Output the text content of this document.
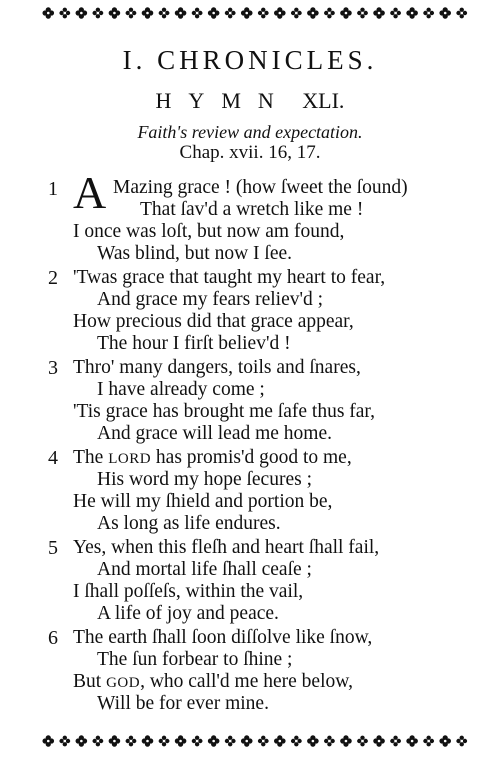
I. CHRONICLES.
HYMN XLI.
Faith's review and expectation.
Chap. xvii. 16, 17.
1 A Mazing grace ! (how ſweet the ſound)
That ſav'd a wretch like me !
I once was loſt, but now am found,
Was blind, but now I ſee.
2 'Twas grace that taught my heart to fear,
And grace my fears reliev'd ;
How precious did that grace appear,
The hour I firſt believ'd !
3 Thro' many dangers, toils and ſnares,
I have already come ;
'Tis grace has brought me ſafe thus far,
And grace will lead me home.
4 The LORD has promis'd good to me,
His word my hope ſecures ;
He will my ſhield and portion be,
As long as life endures.
5 Yes, when this fleſh and heart ſhall fail,
And mortal life ſhall ceaſe ;
I ſhall poſſeſs, within the vail,
A life of joy and peace.
6 The earth ſhall ſoon diſſolve like ſnow,
The ſun forbear to ſhine ;
But GOD, who call'd me here below,
Will be for ever mine.
